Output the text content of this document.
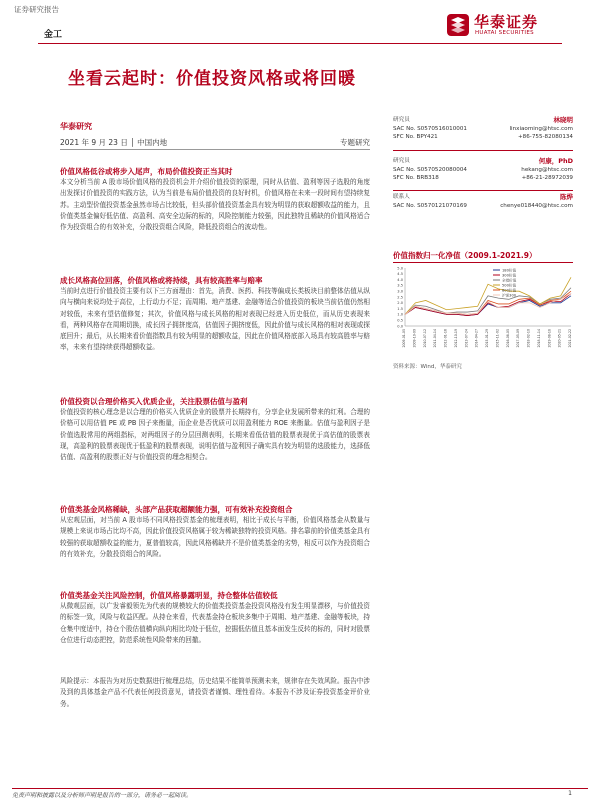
证券研究报告
金工
华泰证券
HUATAI SECURITIES
坐看云起时：价值投资风格或将回暖
华泰研究
2021 年 9 月 23 日 │ 中国内地	专题研究
价值风格低谷或将步入尾声，布局价值投资正当其时
本文分析当前 A 股市场价值风格的投资机会并介绍价值投资的原理，同时从估值、盈利等因子选股的角度出发探讨价值投资的实践方法，认为当前是布局价值投资的良好时机，价值风格在未来一段时间有望持续复苏。主动型价值投资基金虽然市场占比较低，但头部价值投资基金具有较为明显的获取超额收益的能力，且价值类基金偏好低估值、高盈利、高安全边际的标的，风险控制能力较强，因此独特且稀缺的价值风格适合作为投资组合的有效补充，分散投资组合风险，降低投资组合的波动性。
成长风格高位回落，价值风格或将持续，具有较高胜率与赔率
当前时点进行价值投资主要有以下三方面理由：首先，消费、医药、科技等偏成长类板块目前整体估值从纵向与横向来说均处于高位，上行动力不足；而周期、地产基建、金融等适合价值投资的板块当前估值仍然相对较低，未来有望估值修复；其次，价值风格与成长风格的相对表现已经进入历史低位，而从历史表现来看，两种风格存在周期切换，成长因子拥挤度高，估值因子拥挤度低，因此价值与成长风格的相对表现或探底回升；最后，从长期来看价值指数具有较为明显的超额收益，因此在价值风格底部入场具有较高胜率与赔率，未来有望持续获得超额收益。
价值投资以合理价格买入优质企业，关注股票估值与盈利
价值投资的核心理念是以合理的价格买入优质企业的股票并长期持有，分享企业发展所带来的红利。合理的价格可以用估值 PE 或 PB 因子来衡量，而企业是否优质可以用盈利能力 ROE 来衡量。估值与盈利因子是价值选股常用的两组指标，对两组因子的分层回测表明，长期来看低估值的股票表现优于高估值的股票表现，高盈利的股票表现优于低盈利的股票表现，说明估值与盈利因子确实具有较为明显的选股能力，选择低估值、高盈利的股票正好与价值投资的理念相契合。
价值类基金风格稀缺，头部产品获取超额能力强，可有效补充投资组合
从宏观层面，对当前 A 股市场不同风格投资基金的梳理表明，相比于成长与平衡，价值风格基金从数量与规模上来说市场占比均不高，因此价值投资风格属于较为稀缺独特的投资风格。排名靠前的价值类基金具有较强的获取超额收益的能力，夏普值较高，因此风格稀缺并不是价值类基金的劣势，相反可以作为投资组合的有效补充，分散投资组合的风险。
价值类基金关注风险控制，价值风格暴露明显，持仓整体估值较低
从微观层面，以广发睿毅领先为代表的规模较大的价值类投资基金投资风格没有发生明显漂移，与价值投资的标签一致，风险与收益匹配。从持仓来看，代表基金持仓板块多集中于周期、地产基建、金融等板块，持仓集中度适中，持仓个股估值横向纵向相比均处于低位，挖掘低估值且基本面发生反转的标的，同时对股票仓位进行动态把控，防范系统性风险带来的回撤。
风险提示：本报告为对历史数据进行梳理总结，历史结果不能简单预测未来，规律存在失效风险。报告中涉及到的具体基金产品不代表任何投资意见，请投资者谨慎、理性看待。本报告不涉及证券投资基金评价业务。
研究员	林晓明
SAC No. S0570516010001	linxiaoming@htsc.com
SFC No. BPY421	+86-755-82080134
研究员	何康，PhD
SAC No. S0570520080004	hekang@htsc.com
SFC No. BRB318	+86-21-28972039
联系人	陈烨
SAC No. S0570121070169	chenye018440@htsc.com
价值指数归一化净值（2009.1-2021.9）
0.0
0.5
1.0
1.5
2.0
2.5
3.0
3.5
4.0
4.5
5.0
2009-01-05 2009-10-09 2010-07-12 2011-04-14 2012-01-16 2012-10-19 2013-07-24 2014-04-27 2015-01-29 2015-11-02 2016-08-05 2017-05-09 2018-02-10 2018-11-14 2019-08-18 2020-05-21 2021-02-22
180价值
300价值
全指价值
500价值
800价值
沪深300
资料来源：Wind，华泰研究
免责声明和披露以及分析师声明是报告的一部分，请务必一起阅读。	1
